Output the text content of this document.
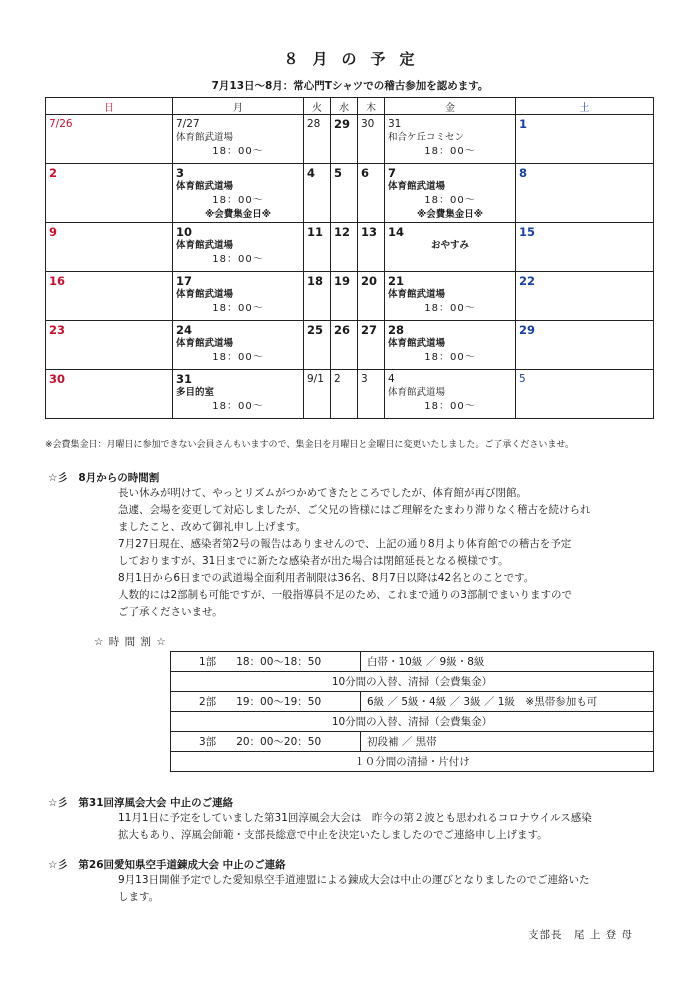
８ 月 の 予 定
7月13日～8月：常心門Tシャツでの稽古参加を認めます。
日	月	火	水	木	金	土

7/26	7/27
体育館武道場
18：00～	28	29	30	31
和合ケ丘コミセン
18：00～	1

2	3
体育館武道場
18：00～
※会費集金日※	4	5	6	7
体育館武道場
18：00～
※会費集金日※	8

9	10
体育館武道場
18：00～	11	12	13	14
おやすみ	15

16	17
体育館武道場
18：00～	18	19	20	21
体育館武道場
18：00～	22

23	24
体育館武道場
18：00～	25	26	27	28
体育館武道場
18：00～	29

30	31
多目的室
18：00～	9/1	2	3	4
体育館武道場
18：00～	5
※会費集金日：月曜日に参加できない会員さんもいますので、集金日を月曜日と金曜日に変更いたしました。ご了承くださいませ。
☆彡　8月からの時間割
長い休みが明けて、やっとリズムがつかめてきたところでしたが、体育館が再び閉館。
急遽、会場を変更して対応しましたが、ご父兄の皆様にはご理解をたまわり滞りなく稽古を続けられ
ましたこと、改めて御礼申し上げます。
7月27日現在、感染者第2号の報告はありませんので、上記の通り8月より体育館での稽古を予定
しておりますが、31日までに新たな感染者が出た場合は閉館延長となる模様です。
8月1日から6日までの武道場全面利用者制限は36名、8月7日以降は42名とのことです。
人数的には2部制も可能ですが、一般指導員不足のため、これまで通りの3部制でまいりますので
ご了承くださいませ。
☆ 時 間 割 ☆
1部 18：00～18：50	白帯・10級 ／ 9級・8級
10分間の入替、清掃（会費集金）	
2部 19：00～19：50	6級 ／ 5級・4級 ／ 3級 ／ 1級　※黒帯参加も可
10分間の入替、清掃（会費集金）	
3部 20：00～20：50	初段補 ／ 黒帯
１０分間の清掃・片付け	
☆彡　第31回淳風会大会 中止のご連絡
11月1日に予定をしていました第31回淳風会大会は　昨今の第２波とも思われるコロナウイルス感染
拡大もあり、淳風会師範・支部長総意で中止を決定いたしましたのでご連絡申し上げます。
☆彡　第26回愛知県空手道錬成大会 中止のご連絡
9月13日開催予定でした愛知県空手道連盟による錬成大会は中止の運びとなりましたのでご連絡いた
します。
支部長　尾 上 登 母
